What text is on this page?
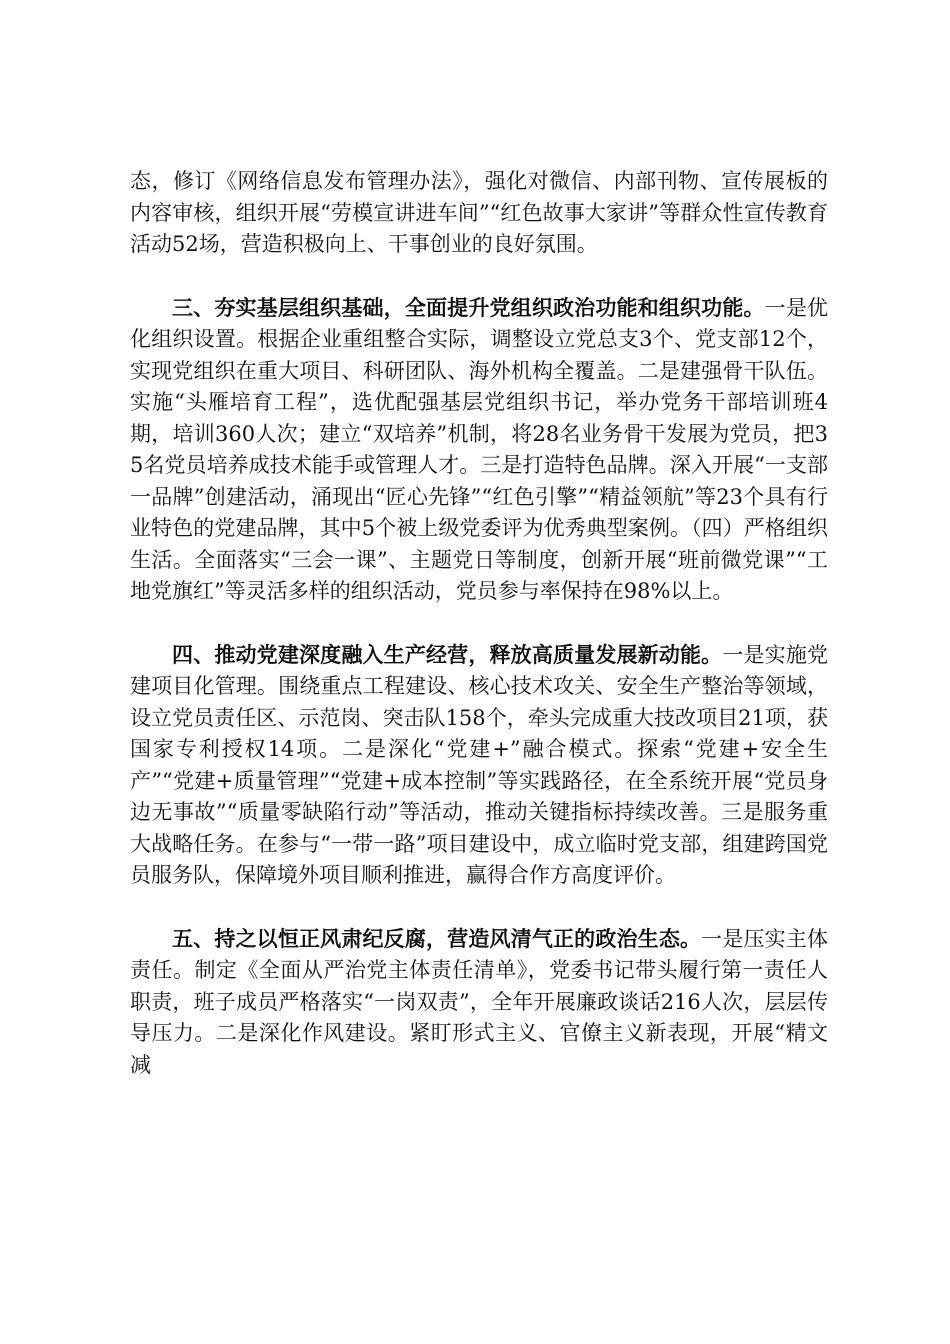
态，修订《网络信息发布管理办法》，强化对微信、内部刊物、宣传展板的内容审核，组织开展“劳模宣讲进车间”“红色故事大家讲”等群众性宣传教育活动52场，营造积极向上、干事创业的良好氛围。

三、夯实基层组织基础，全面提升党组织政治功能和组织功能。一是优化组织设置。根据企业重组整合实际，调整设立党总支3个、党支部12个，实现党组织在重大项目、科研团队、海外机构全覆盖。二是建强骨干队伍。实施“头雁培育工程”，选优配强基层党组织书记，举办党务干部培训班4期，培训360人次；建立“双培养”机制，将28名业务骨干发展为党员，把35名党员培养成技术能手或管理人才。三是打造特色品牌。深入开展“一支部一品牌”创建活动，涌现出“匠心先锋”“红色引擎”“精益领航”等23个具有行业特色的党建品牌，其中5个被上级党委评为优秀典型案例。（四）严格组织生活。全面落实“三会一课”、主题党日等制度，创新开展“班前微党课”“工地党旗红”等灵活多样的组织活动，党员参与率保持在98%以上。

四、推动党建深度融入生产经营，释放高质量发展新动能。一是实施党建项目化管理。围绕重点工程建设、核心技术攻关、安全生产整治等领域，设立党员责任区、示范岗、突击队158个，牵头完成重大技改项目21项，获国家专利授权14项。二是深化“党建+”融合模式。探索“党建+安全生产”“党建+质量管理”“党建+成本控制”等实践路径，在全系统开展“党员身边无事故”“质量零缺陷行动”等活动，推动关键指标持续改善。三是服务重大战略任务。在参与“一带一路”项目建设中，成立临时党支部，组建跨国党员服务队，保障境外项目顺利推进，赢得合作方高度评价。

五、持之以恒正风肃纪反腐，营造风清气正的政治生态。一是压实主体责任。制定《全面从严治党主体责任清单》，党委书记带头履行第一责任人职责，班子成员严格落实“一岗双责”，全年开展廉政谈话216人次，层层传导压力。二是深化作风建设。紧盯形式主义、官僚主义新表现，开展“精文减
